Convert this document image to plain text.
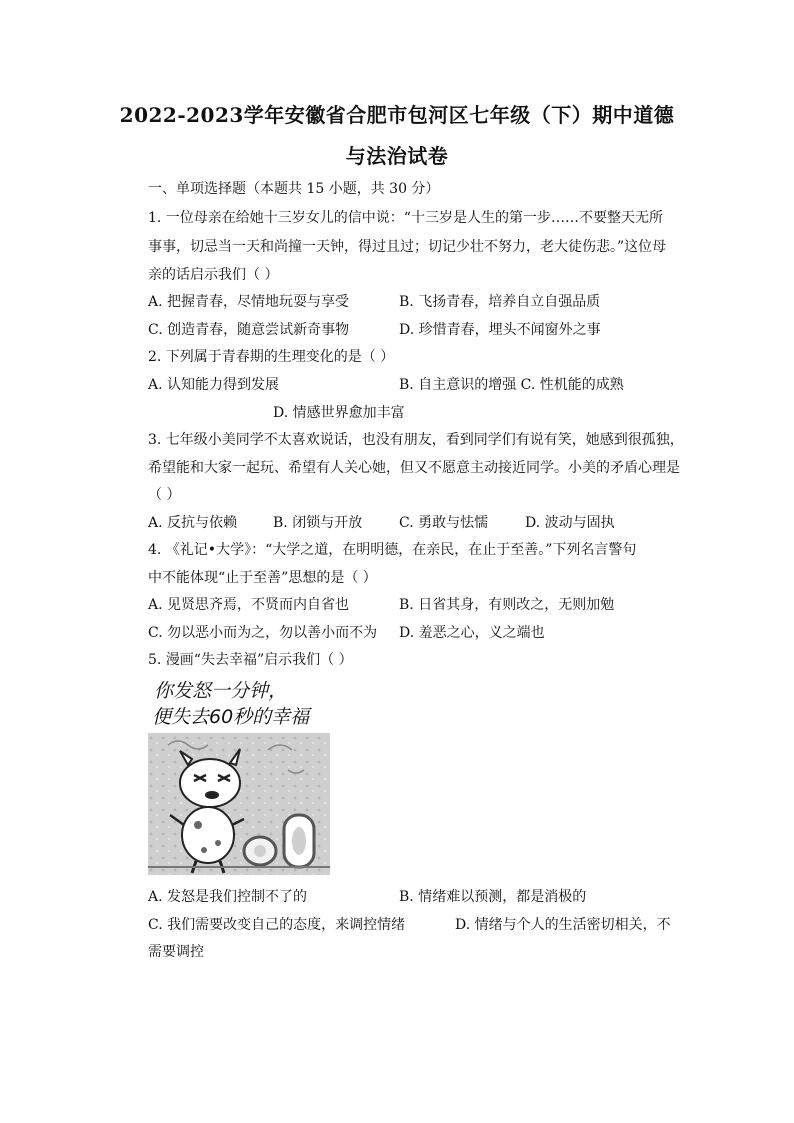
2022-2023学年安徽省合肥市包河区七年级（下）期中道德
与法治试卷
一、单项选择题（本题共 15 小题，共 30 分）
1. 一位母亲在给她十三岁女儿的信中说：“十三岁是人生的第一步……不要整天无所
事事，切忌当一天和尚撞一天钟，得过且过；切记少壮不努力，老大徒伤悲。”这位母
亲的话启示我们（ ）
A. 把握青春，尽情地玩耍与享受	B. 飞扬青春，培养自立自强品质
C. 创造青春，随意尝试新奇事物	D. 珍惜青春，埋头不闻窗外之事
2. 下列属于青春期的生理变化的是（ ）
A. 认知能力得到发展	B. 自主意识的增强 C. 性机能的成熟
D. 情感世界愈加丰富
3. 七年级小美同学不太喜欢说话，也没有朋友，看到同学们有说有笑，她感到很孤独，
希望能和大家一起玩、希望有人关心她，但又不愿意主动接近同学。小美的矛盾心理是
（ ）
A. 反抗与依赖	B. 闭锁与开放	C. 勇敢与怯懦	D. 波动与固执
4. 《礼记•大学》：“大学之道，在明明德，在亲民，在止于至善。”下列名言警句
中不能体现“止于至善”思想的是（ ）
A. 见贤思齐焉，不贤而内自省也	B. 日省其身，有则改之，无则加勉
C. 勿以恶小而为之，勿以善小而不为 D. 羞恶之心，义之端也
5. 漫画“失去幸福”启示我们（ ）
你发怒一分钟，
便失去60秒的幸福
A. 发怒是我们控制不了的	B. 情绪难以预测，都是消极的
C. 我们需要改变自己的态度，来调控情绪	D. 情绪与个人的生活密切相关，不
需要调控
